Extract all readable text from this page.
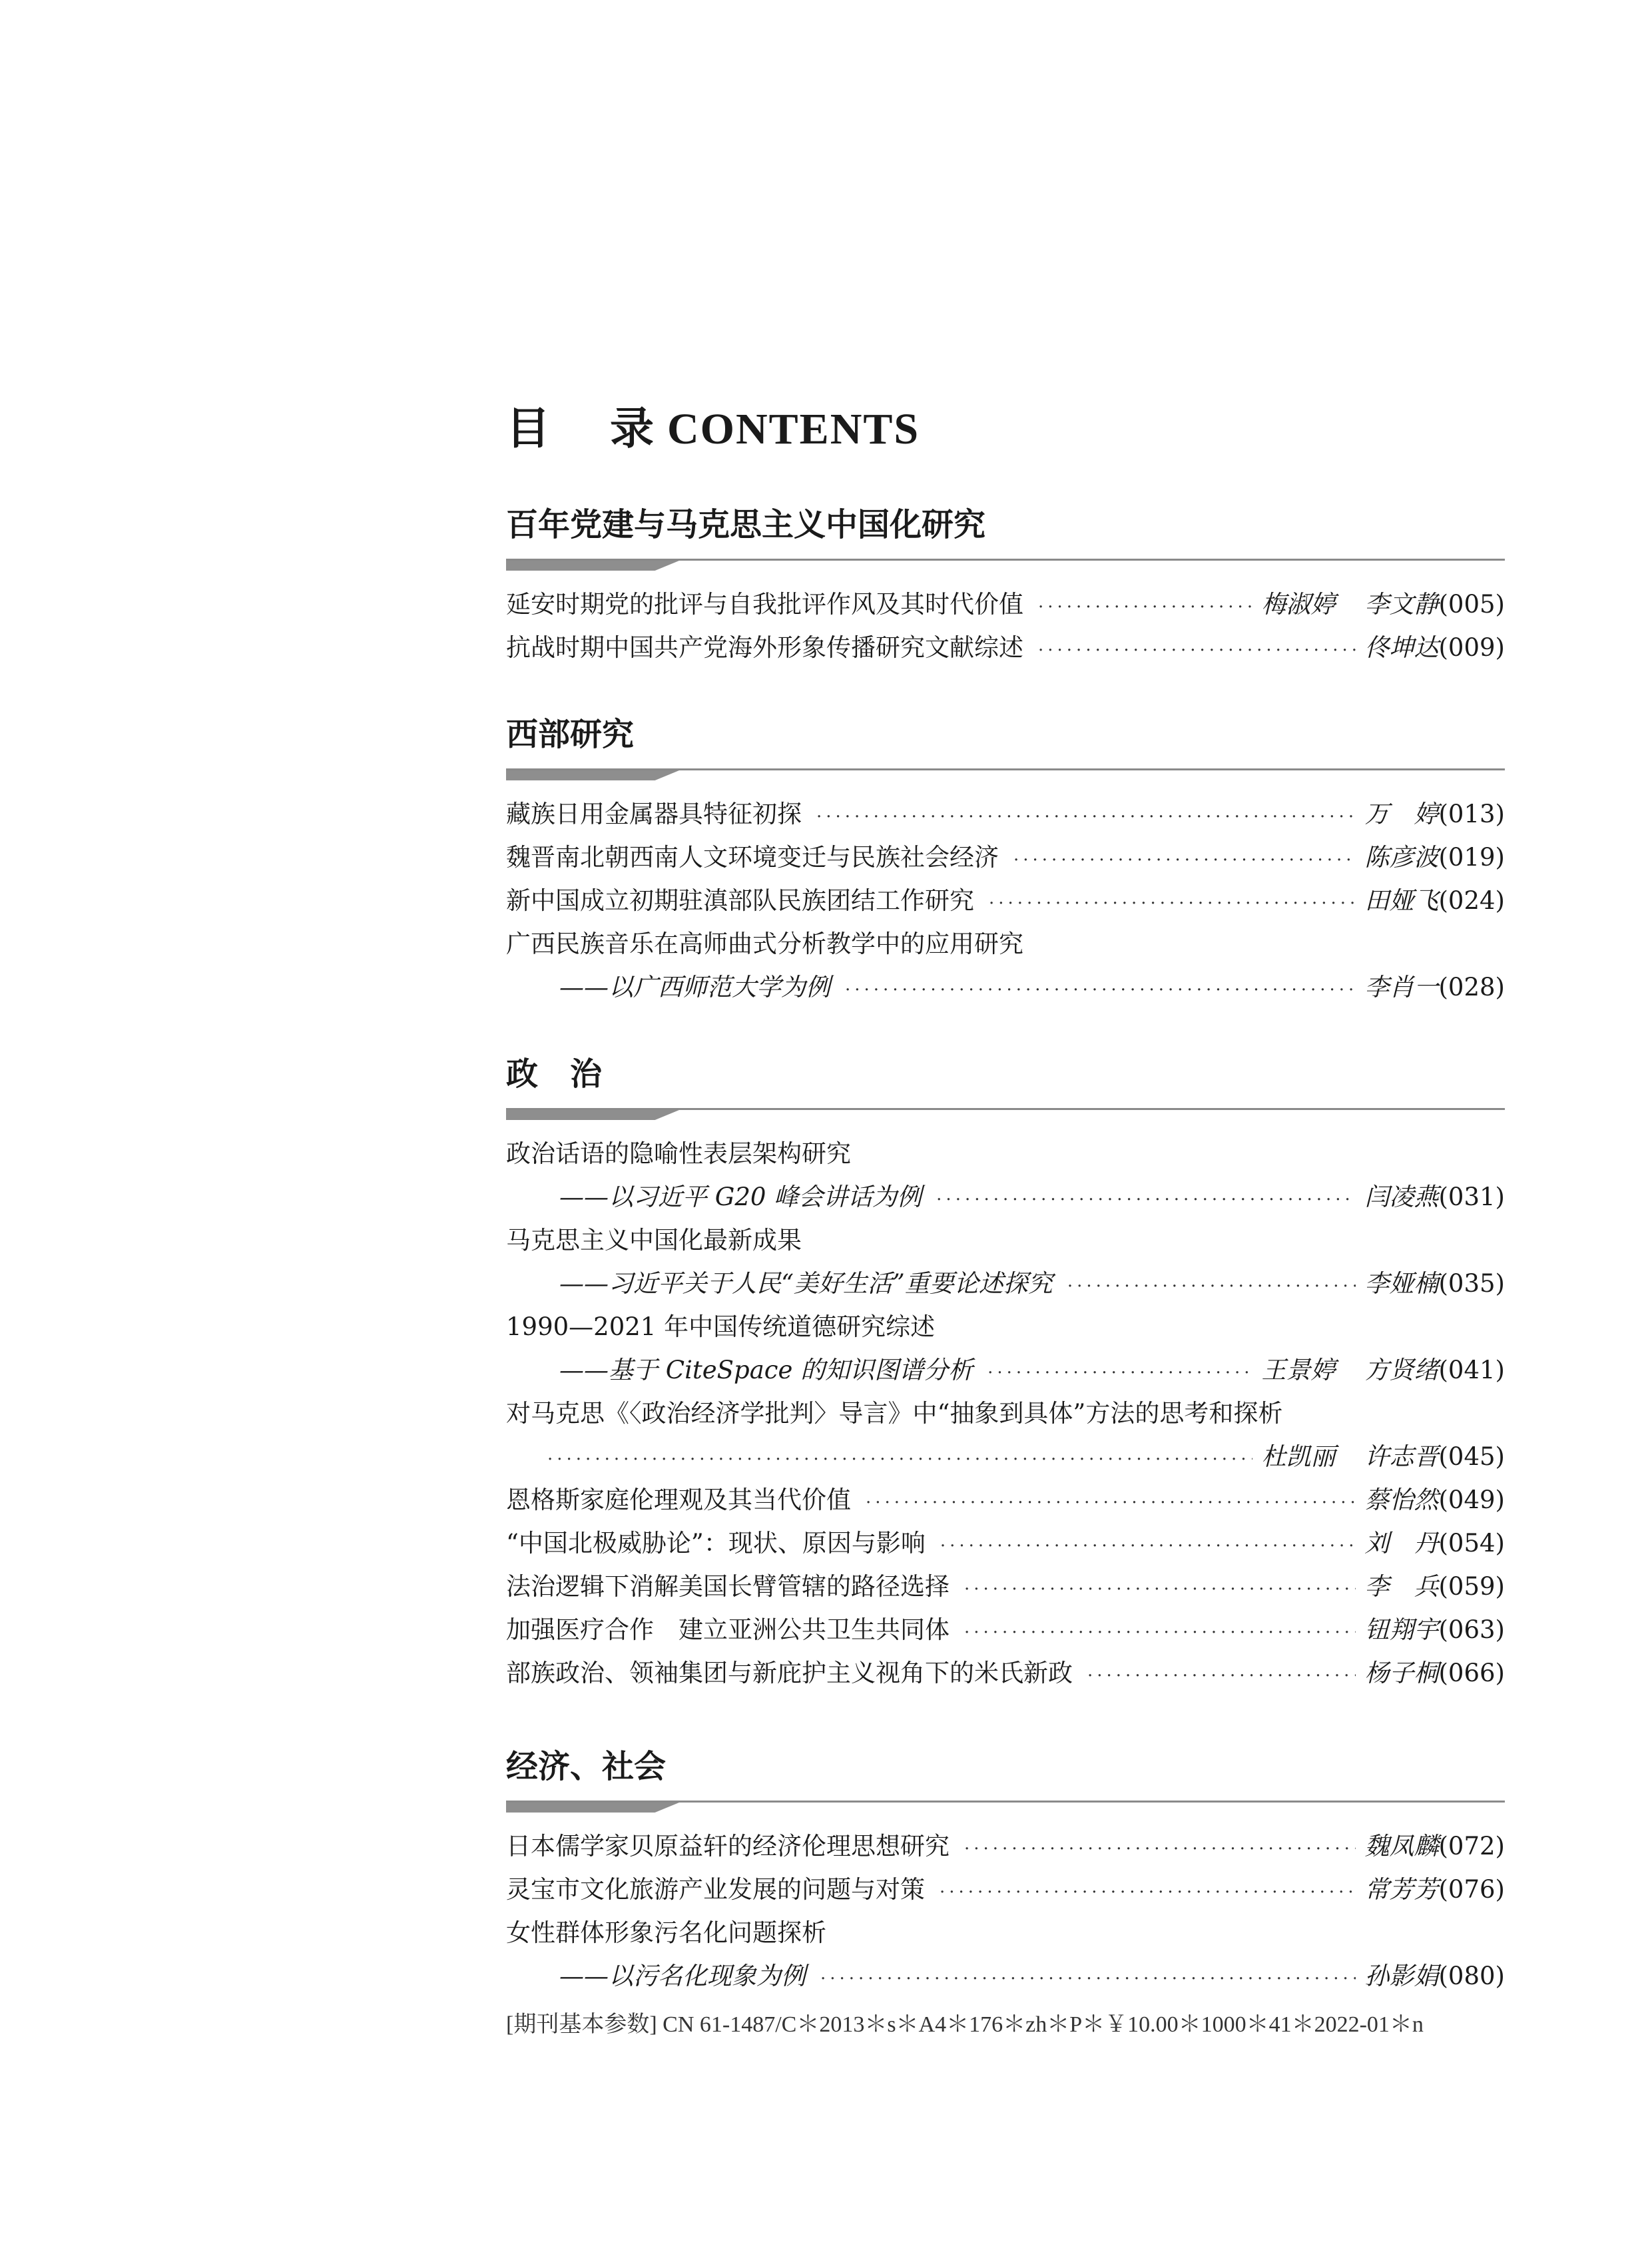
目 录 CONTENTS
百年党建与马克思主义中国化研究
延安时期党的批评与自我批评作风及其时代价值 ·····	梅淑婷 李文静 (005)
抗战时期中国共产党海外形象传播研究文献综述 ·····	佟坤达 (009)
西部研究
藏族日用金属器具特征初探 ·····	万　婷 (013)
魏晋南北朝西南人文环境变迁与民族社会经济 ·····	陈彦波 (019)
新中国成立初期驻滇部队民族团结工作研究 ·····	田娅飞 (024)
广西民族音乐在高师曲式分析教学中的应用研究
——以广西师范大学为例 ·····	李肖一 (028)
政　治
政治话语的隐喻性表层架构研究
——以习近平 G20 峰会讲话为例 ·····	闫凌燕 (031)
马克思主义中国化最新成果
——习近平关于人民“美好生活”重要论述探究 ·····	李娅楠 (035)
1990—2021 年中国传统道德研究综述
——基于 CiteSpace 的知识图谱分析 ·····	王景婷 方贤绪 (041)
对马克思《〈政治经济学批判〉导言》中“抽象到具体”方法的思考和探析
·····
杜凯丽 许志晋 (045)
恩格斯家庭伦理观及其当代价值 ·····	蔡怡然 (049)
“中国北极威胁论”：现状、原因与影响 ·····	刘　丹 (054)
法治逻辑下消解美国长臂管辖的路径选择 ·····	李　兵 (059)
加强医疗合作　建立亚洲公共卫生共同体 ·····	钮翔宇 (063)
部族政治、领袖集团与新庇护主义视角下的米氏新政 ·····	杨子桐 (066)
经济、社会
日本儒学家贝原益轩的经济伦理思想研究 ·····	魏凤麟 (072)
灵宝市文化旅游产业发展的问题与对策 ·····	常芳芳 (076)
女性群体形象污名化问题探析
——以污名化现象为例 ·····	孙影娟 (080)
[期刊基本参数] CN 61-1487/C＊2013＊s＊A4＊176＊zh＊P＊￥10.00＊1000＊41＊2022-01＊n
